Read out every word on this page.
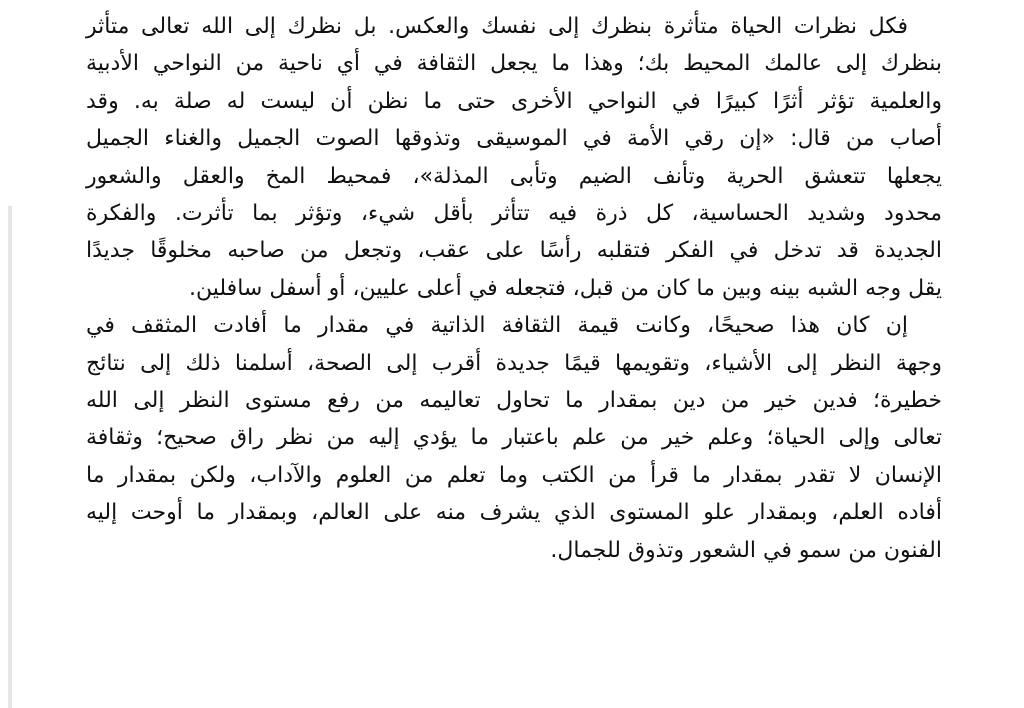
فكل نظرات الحياة متأثرة بنظرك إلى نفسك والعكس. بل نظرك إلى الله تعالى متأثر
بنظرك إلى عالمك المحيط بك؛ وهذا ما يجعل الثقافة في أي ناحية من النواحي الأدبية
والعلمية تؤثر أثرًا كبيرًا في النواحي الأخرى حتى ما نظن أن ليست له صلة به. وقد
أصاب من قال: «إن رقي الأمة في الموسيقى وتذوقها الصوت الجميل والغناء الجميل
يجعلها تتعشق الحرية وتأنف الضيم وتأبى المذلة»، فمحيط المخ والعقل والشعور
محدود وشديد الحساسية، كل ذرة فيه تتأثر بأقل شيء، وتؤثر بما تأثرت. والفكرة
الجديدة قد تدخل في الفكر فتقلبه رأسًا على عقب، وتجعل من صاحبه مخلوقًا جديدًا
يقل وجه الشبه بينه وبين ما كان من قبل، فتجعله في أعلى عليين، أو أسفل سافلين.

إن كان هذا صحيحًا، وكانت قيمة الثقافة الذاتية في مقدار ما أفادت المثقف في
وجهة النظر إلى الأشياء، وتقويمها قيمًا جديدة أقرب إلى الصحة، أسلمنا ذلك إلى نتائج
خطيرة؛ فدين خير من دين بمقدار ما تحاول تعاليمه من رفع مستوى النظر إلى الله
تعالى وإلى الحياة؛ وعلم خير من علم باعتبار ما يؤدي إليه من نظر راق صحيح؛ وثقافة
الإنسان لا تقدر بمقدار ما قرأ من الكتب وما تعلم من العلوم والآداب، ولكن بمقدار ما
أفاده العلم، وبمقدار علو المستوى الذي يشرف منه على العالم، وبمقدار ما أوحت إليه
الفنون من سمو في الشعور وتذوق للجمال.
